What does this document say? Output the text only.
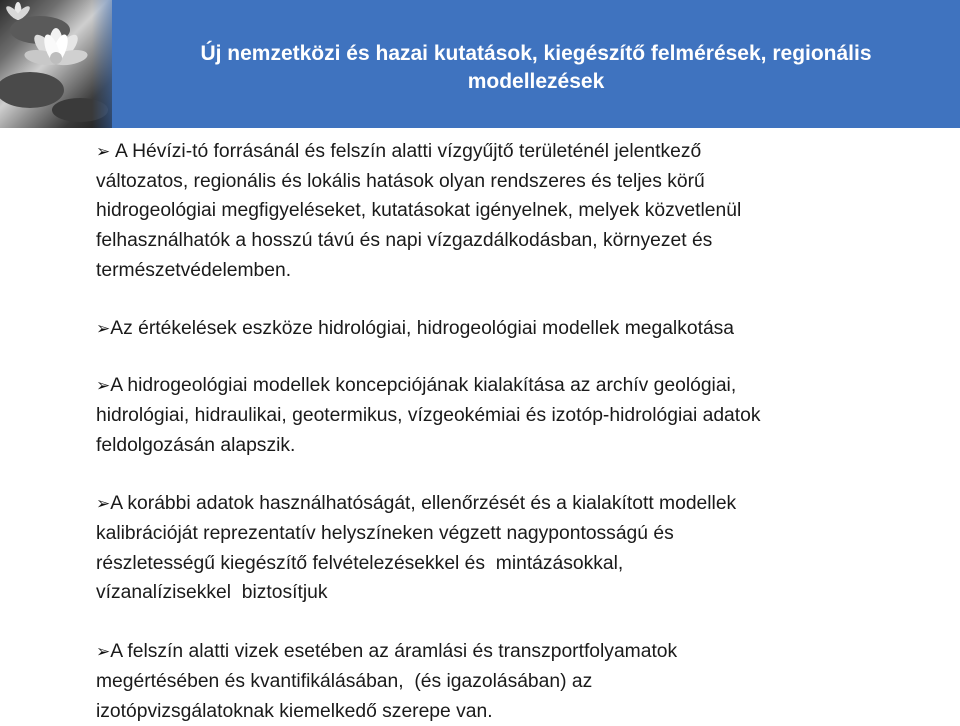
Új nemzetközi és hazai kutatások, kiegészítő felmérések, regionális
modellezések

➢ A Hévízi-tó forrásánál és felszín alatti vízgyűjtő területénél jelentkező
változatos, regionális és lokális hatások olyan rendszeres és teljes körű
hidrogeológiai megfigyeléseket, kutatásokat igényelnek, melyek közvetlenül
felhasználhatók a hosszú távú és napi vízgazdálkodásban, környezet és
természetvédelemben.

➢Az értékelések eszköze hidrológiai, hidrogeológiai modellek megalkotása

➢A hidrogeológiai modellek koncepciójának kialakítása az archív geológiai,
hidrológiai, hidraulikai, geotermikus, vízgeokémiai és izotóp-hidrológiai adatok
feldolgozásán alapszik.

➢A korábbi adatok használhatóságát, ellenőrzését és a kialakított modellek
kalibrációját reprezentatív helyszíneken végzett nagypontosságú és
részletességű kiegészítő felvételezésekkel és  mintázásokkal,
vízanalízisekkel  biztosítjuk

➢A felszín alatti vizek esetében az áramlási és transzportfolyamatok
megértésében és kvantifikálásában,  (és igazolásában) az
izotópvizsgálatoknak kiemelkedő szerepe van.
